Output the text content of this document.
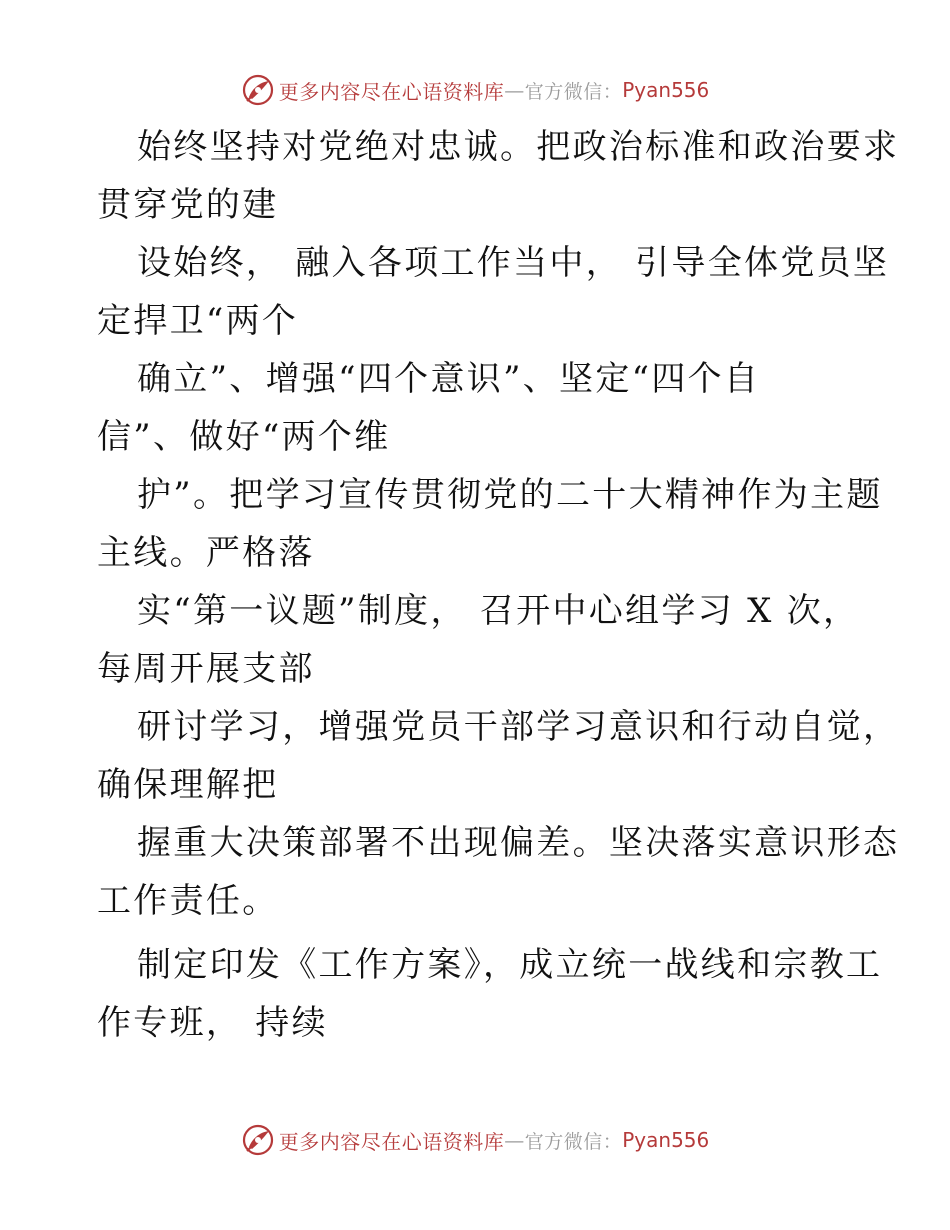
更多内容尽在心语资料库 — 官方微信： Pyan556
始终坚持对党绝对忠诚。把政治标准和政治要求
贯穿党的建
设始终， 融入各项工作当中， 引导全体党员坚
定捍卫“两个
确立”、增强“四个意识”、坚定“四个自
信”、做好“两个维
护”。把学习宣传贯彻党的二十大精神作为主题
主线。严格落
实“第一议题”制度， 召开中心组学习 X 次，
每周开展支部
研讨学习，增强党员干部学习意识和行动自觉，
确保理解把
握重大决策部署不出现偏差。坚决落实意识形态
工作责任。
制定印发《工作方案》，成立统一战线和宗教工
作专班， 持续
更多内容尽在心语资料库 — 官方微信： Pyan556
